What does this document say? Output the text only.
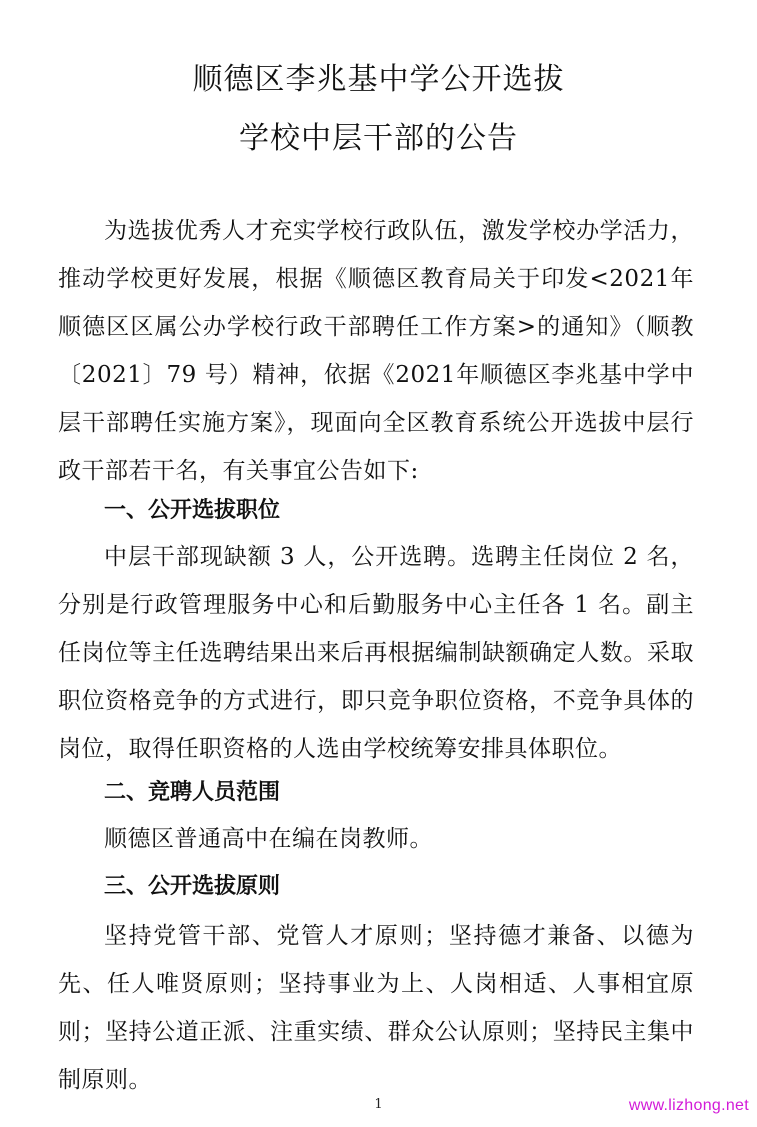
顺德区李兆基中学公开选拔
学校中层干部的公告

为选拔优秀人才充实学校行政队伍，激发学校办学活力，推动学校更好发展，根据《顺德区教育局关于印发<2021年顺德区区属公办学校行政干部聘任工作方案>的通知》（顺教〔2021〕79 号）精神，依据《2021年顺德区李兆基中学中层干部聘任实施方案》，现面向全区教育系统公开选拔中层行政干部若干名，有关事宜公告如下:

一、公开选拔职位

中层干部现缺额 3 人，公开选聘。选聘主任岗位 2 名，分别是行政管理服务中心和后勤服务中心主任各 1 名。副主任岗位等主任选聘结果出来后再根据编制缺额确定人数。采取职位资格竞争的方式进行，即只竞争职位资格，不竞争具体的岗位，取得任职资格的人选由学校统筹安排具体职位。

二、竞聘人员范围

顺德区普通高中在编在岗教师。

三、公开选拔原则

坚持党管干部、党管人才原则；坚持德才兼备、以德为先、任人唯贤原则；坚持事业为上、人岗相适、人事相宜原则；坚持公道正派、注重实绩、群众公认原则；坚持民主集中制原则。

1	www.lizhong.net
